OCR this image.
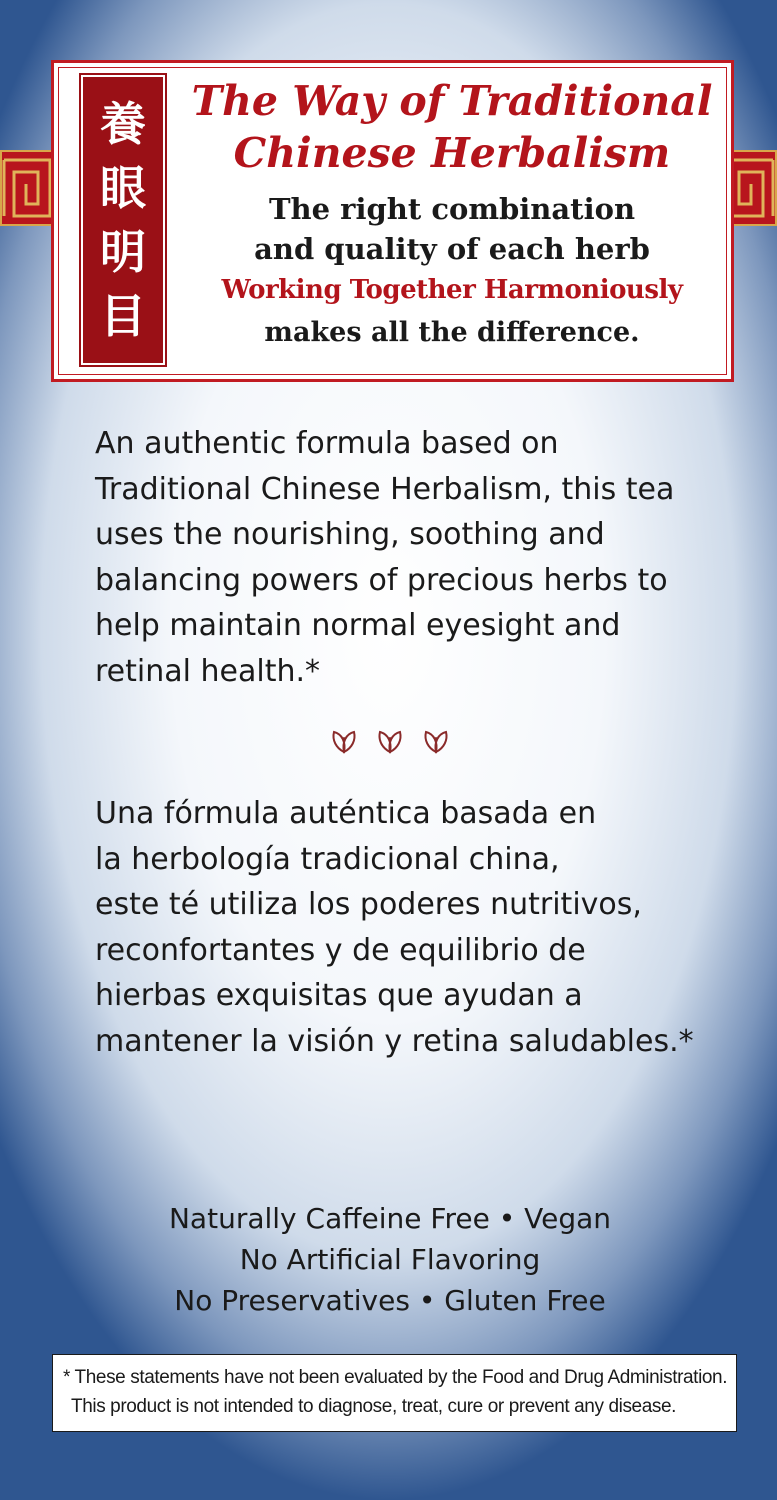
養
眼
明
目
The Way of Traditional
Chinese Herbalism
The right combination
and quality of each herb
Working Together Harmoniously
makes all the difference.

An authentic formula based on
Traditional Chinese Herbalism, this tea
uses the nourishing, soothing and
balancing powers of precious herbs to
help maintain normal eyesight and
retinal health.*

Una fórmula auténtica basada en
la herbología tradicional china,
este té utiliza los poderes nutritivos,
reconfortantes y de equilibrio de
hierbas exquisitas que ayudan a
mantener la visión y retina saludables.*

Naturally Caffeine Free • Vegan
No Artificial Flavoring
No Preservatives • Gluten Free
* These statements have not been evaluated by the Food and Drug Administration.
This product is not intended to diagnose, treat, cure or prevent any disease.
